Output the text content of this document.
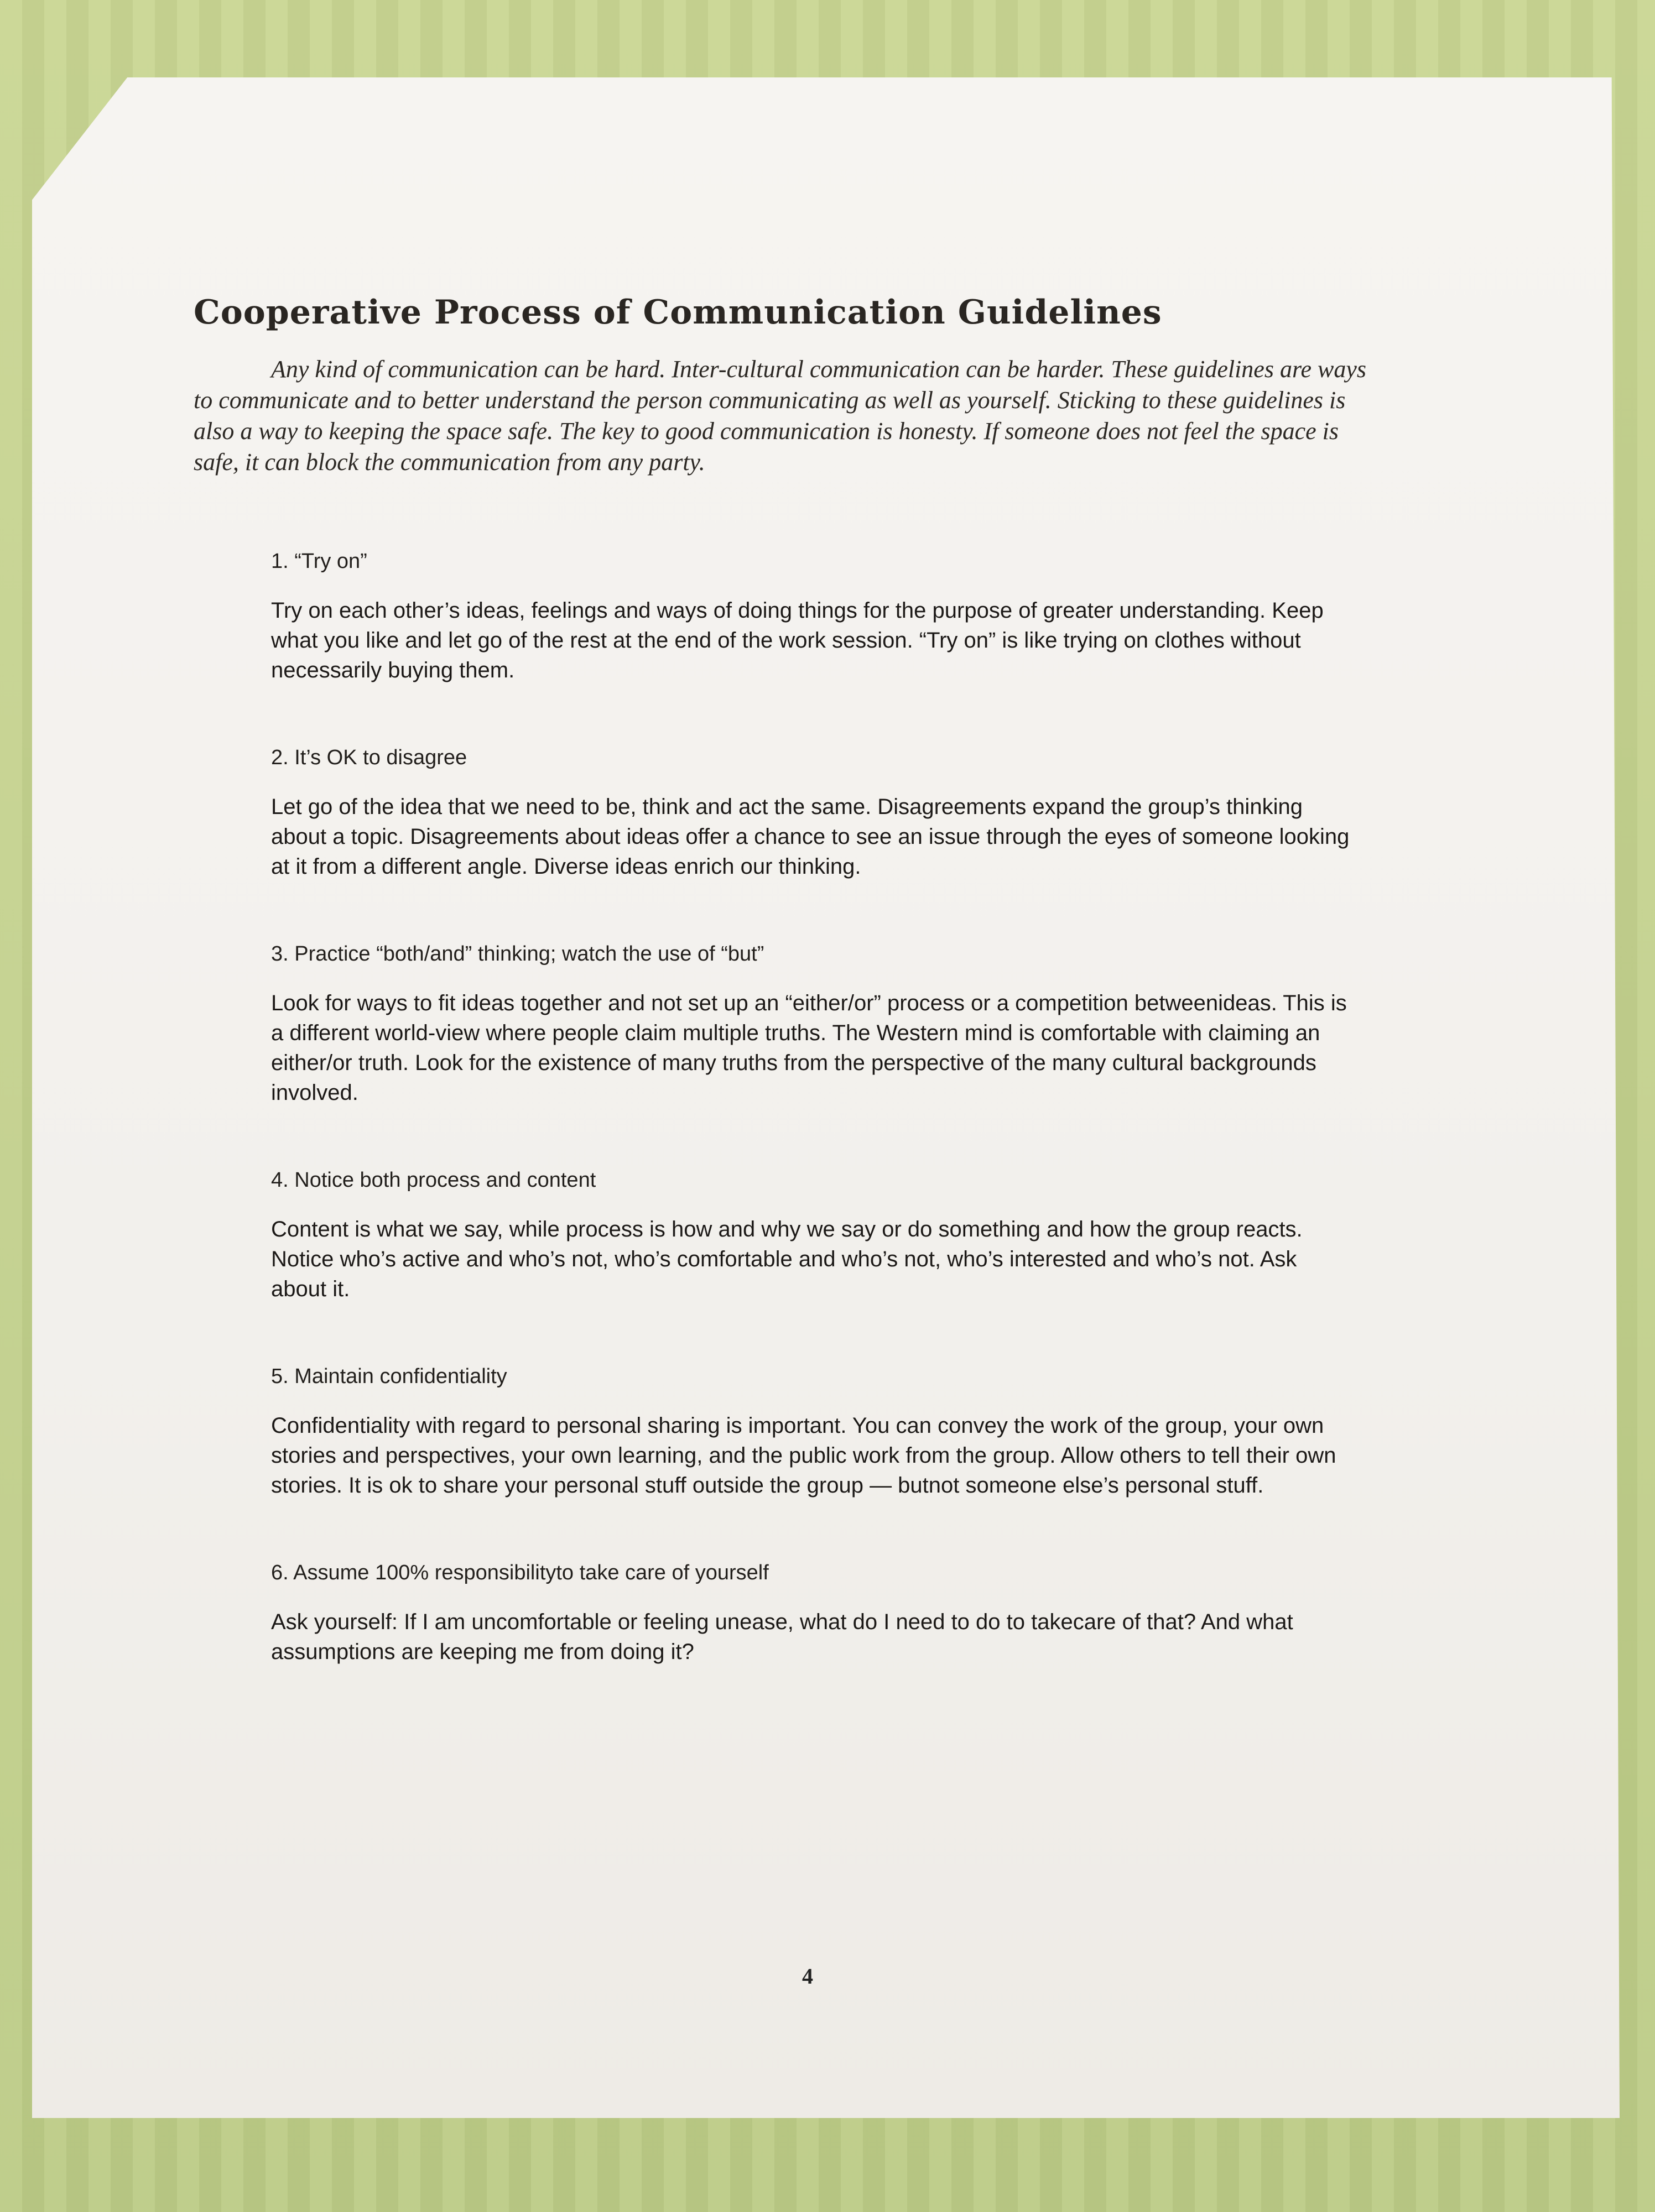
Cooperative Process of Communication Guidelines

Any kind of communication can be hard. Inter-cultural communication can be harder. These guidelines are ways to communicate and to better understand the person communicating as well as yourself. Sticking to these guidelines is also a way to keeping the space safe. The key to good communication is honesty. If someone does not feel the space is safe, it can block the communication from any party.

1. “Try on”

Try on each other’s ideas, feelings and ways of doing things for the purpose of greater understanding. Keep what you like and let go of the rest at the end of the work session. “Try on” is like trying on clothes without necessarily buying them.

2. It’s OK to disagree

Let go of the idea that we need to be, think and act the same. Disagreements expand the group’s thinking about a topic. Disagreements about ideas offer a chance to see an issue through the eyes of someone looking at it from a different angle. Diverse ideas enrich our thinking.

3. Practice “both/and” thinking; watch the use of “but”

Look for ways to fit ideas together and not set up an “either/or” process or a competition betweenideas. This is a different world-view where people claim multiple truths. The Western mind is comfortable with claiming an either/or truth. Look for the existence of many truths from the perspective of the many cultural backgrounds involved.

4. Notice both process and content

Content is what we say, while process is how and why we say or do something and how the group reacts. Notice who’s active and who’s not, who’s comfortable and who’s not, who’s interested and who’s not. Ask about it.

5. Maintain confidentiality

Confidentiality with regard to personal sharing is important. You can convey the work of the group, your own stories and perspectives, your own learning, and the public work from the group. Allow others to tell their own stories. It is ok to share your personal stuff outside the group — butnot someone else’s personal stuff.

6. Assume 100% responsibilityto take care of yourself

Ask yourself: If I am uncomfortable or feeling unease, what do I need to do to takecare of that? And what assumptions are keeping me from doing it?

4
